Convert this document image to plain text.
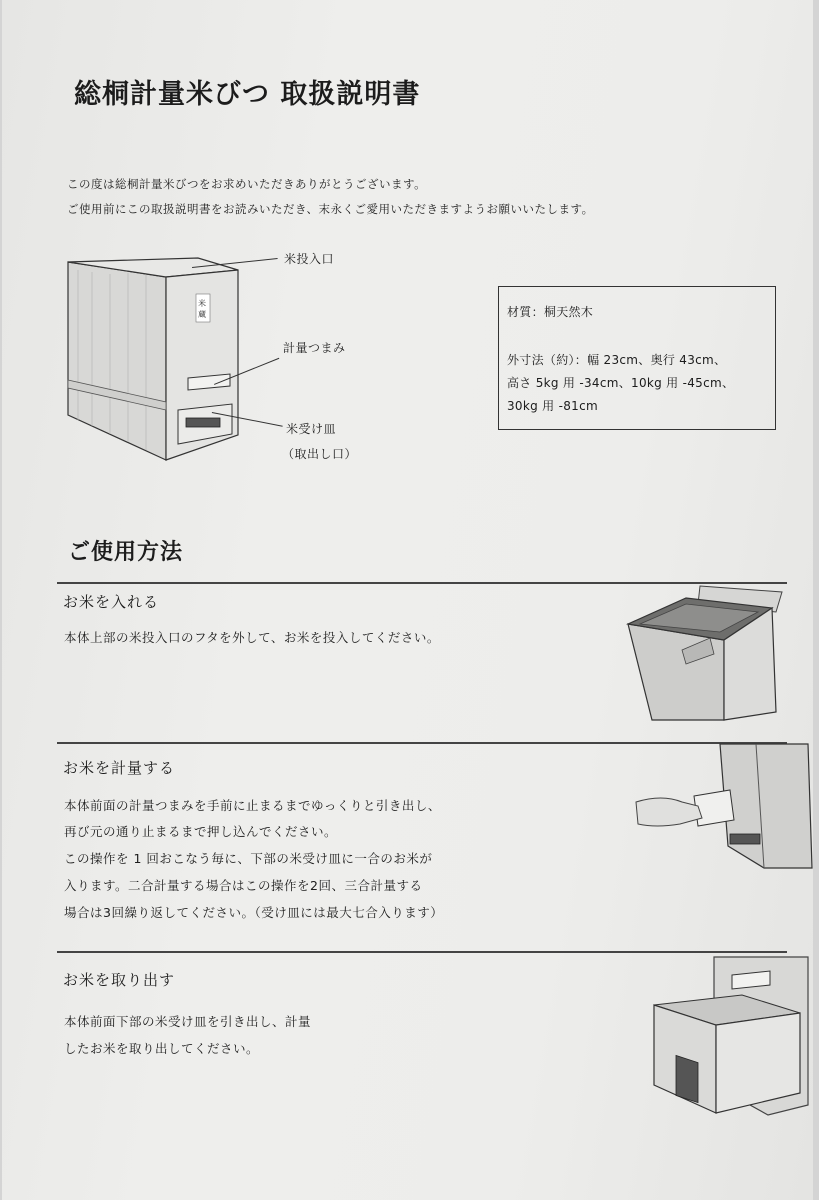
総桐計量米びつ 取扱説明書
この度は総桐計量米びつをお求めいただきありがとうございます。
ご使用前にこの取扱説明書をお読みいただき、末永くご愛用いただきますようお願いいたします。
米
蔵
米投入口
計量つまみ
米受け皿
（取出し口）
材質：桐天然木
外寸法（約）：幅 23cm、奥行 43cm、
高さ 5kg 用 -34cm、10kg 用 -45cm、
30kg 用 -81cm
ご使用方法
お米を入れる
本体上部の米投入口のフタを外して、お米を投入してください。
お米を計量する
本体前面の計量つまみを手前に止まるまでゆっくりと引き出し、
再び元の通り止まるまで押し込んでください。
この操作を 1 回おこなう毎に、下部の米受け皿に一合のお米が
入ります。二合計量する場合はこの操作を2回、三合計量する
場合は3回繰り返してください。（受け皿には最大七合入ります）
お米を取り出す
本体前面下部の米受け皿を引き出し、計量
したお米を取り出してください。
